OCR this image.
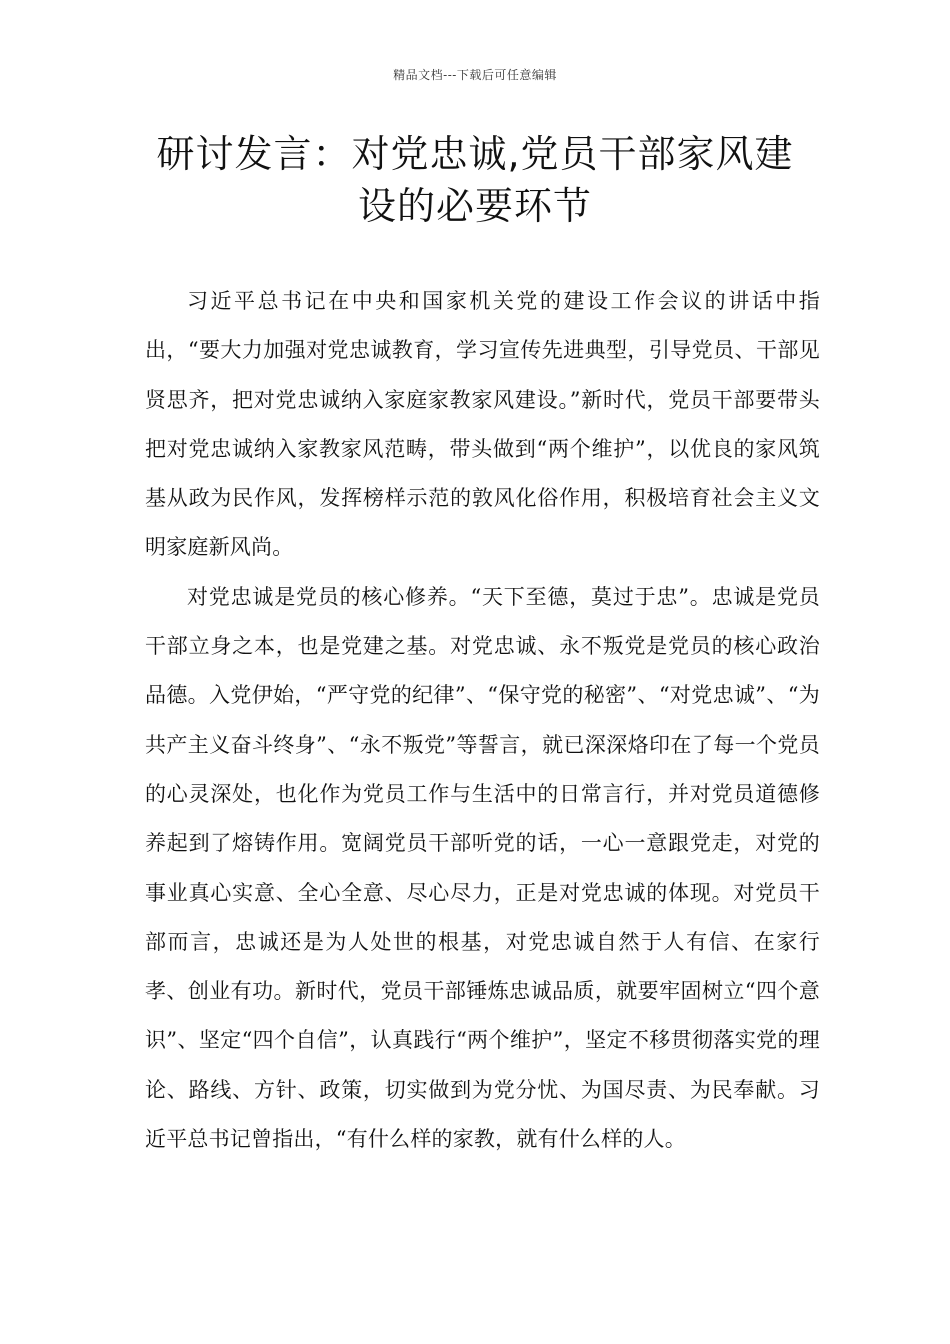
精品文档---下载后可任意编辑
研讨发言：对党忠诚,党员干部家风建设的必要环节

习近平总书记在中央和国家机关党的建设工作会议的讲话中指出，“要大力加强对党忠诚教育，学习宣传先进典型，引导党员、干部见贤思齐，把对党忠诚纳入家庭家教家风建设。”新时代，党员干部要带头把对党忠诚纳入家教家风范畴，带头做到“两个维护”，以优良的家风筑基从政为民作风，发挥榜样示范的敦风化俗作用，积极培育社会主义文明家庭新风尚。

对党忠诚是党员的核心修养。“天下至德，莫过于忠”。忠诚是党员干部立身之本，也是党建之基。对党忠诚、永不叛党是党员的核心政治品德。入党伊始，“严守党的纪律”、“保守党的秘密”、“对党忠诚”、“为共产主义奋斗终身”、“永不叛党”等誓言，就已深深烙印在了每一个党员的心灵深处，也化作为党员工作与生活中的日常言行，并对党员道德修养起到了熔铸作用。宽阔党员干部听党的话，一心一意跟党走，对党的事业真心实意、全心全意、尽心尽力，正是对党忠诚的体现。对党员干部而言，忠诚还是为人处世的根基，对党忠诚自然于人有信、在家行孝、创业有功。新时代，党员干部锤炼忠诚品质，就要牢固树立“四个意识”、坚定“四个自信”，认真践行“两个维护”，坚定不移贯彻落实党的理论、路线、方针、政策，切实做到为党分忧、为国尽责、为民奉献。习近平总书记曾指出，“有什么样的家教，就有什么样的人。
